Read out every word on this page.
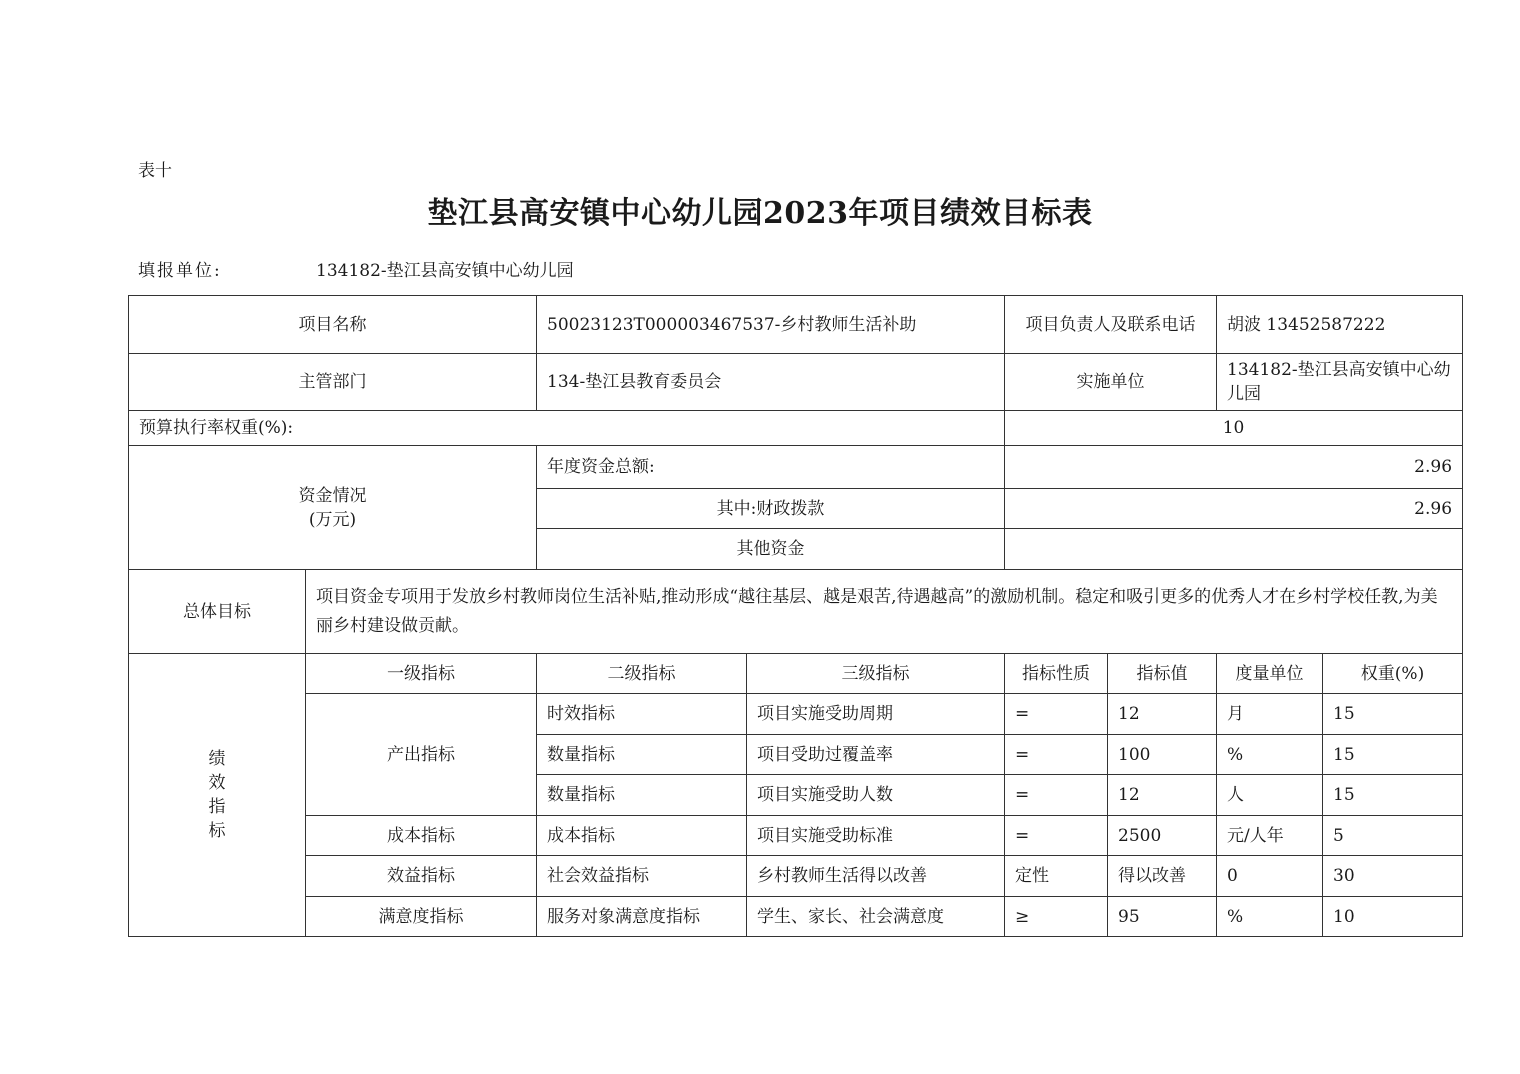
表十
垫江县高安镇中心幼儿园2023年项目绩效目标表
填报单位:	134182-垫江县高安镇中心幼儿园
项目名称		50023123T000003467537-乡村教师生活补助		项目负责人及联系电话		胡波 13452587222	
主管部门		134-垫江县教育委员会		实施单位		134182-垫江县高安镇中心幼儿园	
预算执行率权重(%):				10			

资金情况
(万元)		年度资金总额:		2.96			
		其中:财政拨款		2.96			
		其他资金					
总体目标	项目资金专项用于发放乡村教师岗位生活补贴,推动形成“越往基层、越是艰苦,待遇越高”的激励机制。稳定和吸引更多的优秀人才在乡村学校任教,为美丽乡村建设做贡献。						

绩
效
指
标	一级指标	二级指标	三级指标	指标性质	指标值	度量单位	权重(%)
	产出指标	时效指标	项目实施受助周期	=	12	月	15
		数量指标	项目受助过覆盖率	=	100	%	15
		数量指标	项目实施受助人数	=	12	人	15
	成本指标	成本指标	项目实施受助标准	=	2500	元/人年	5
	效益指标	社会效益指标	乡村教师生活得以改善	定性	得以改善	0	30
	满意度指标	服务对象满意度指标	学生、家长、社会满意度	≥	95	%	10
